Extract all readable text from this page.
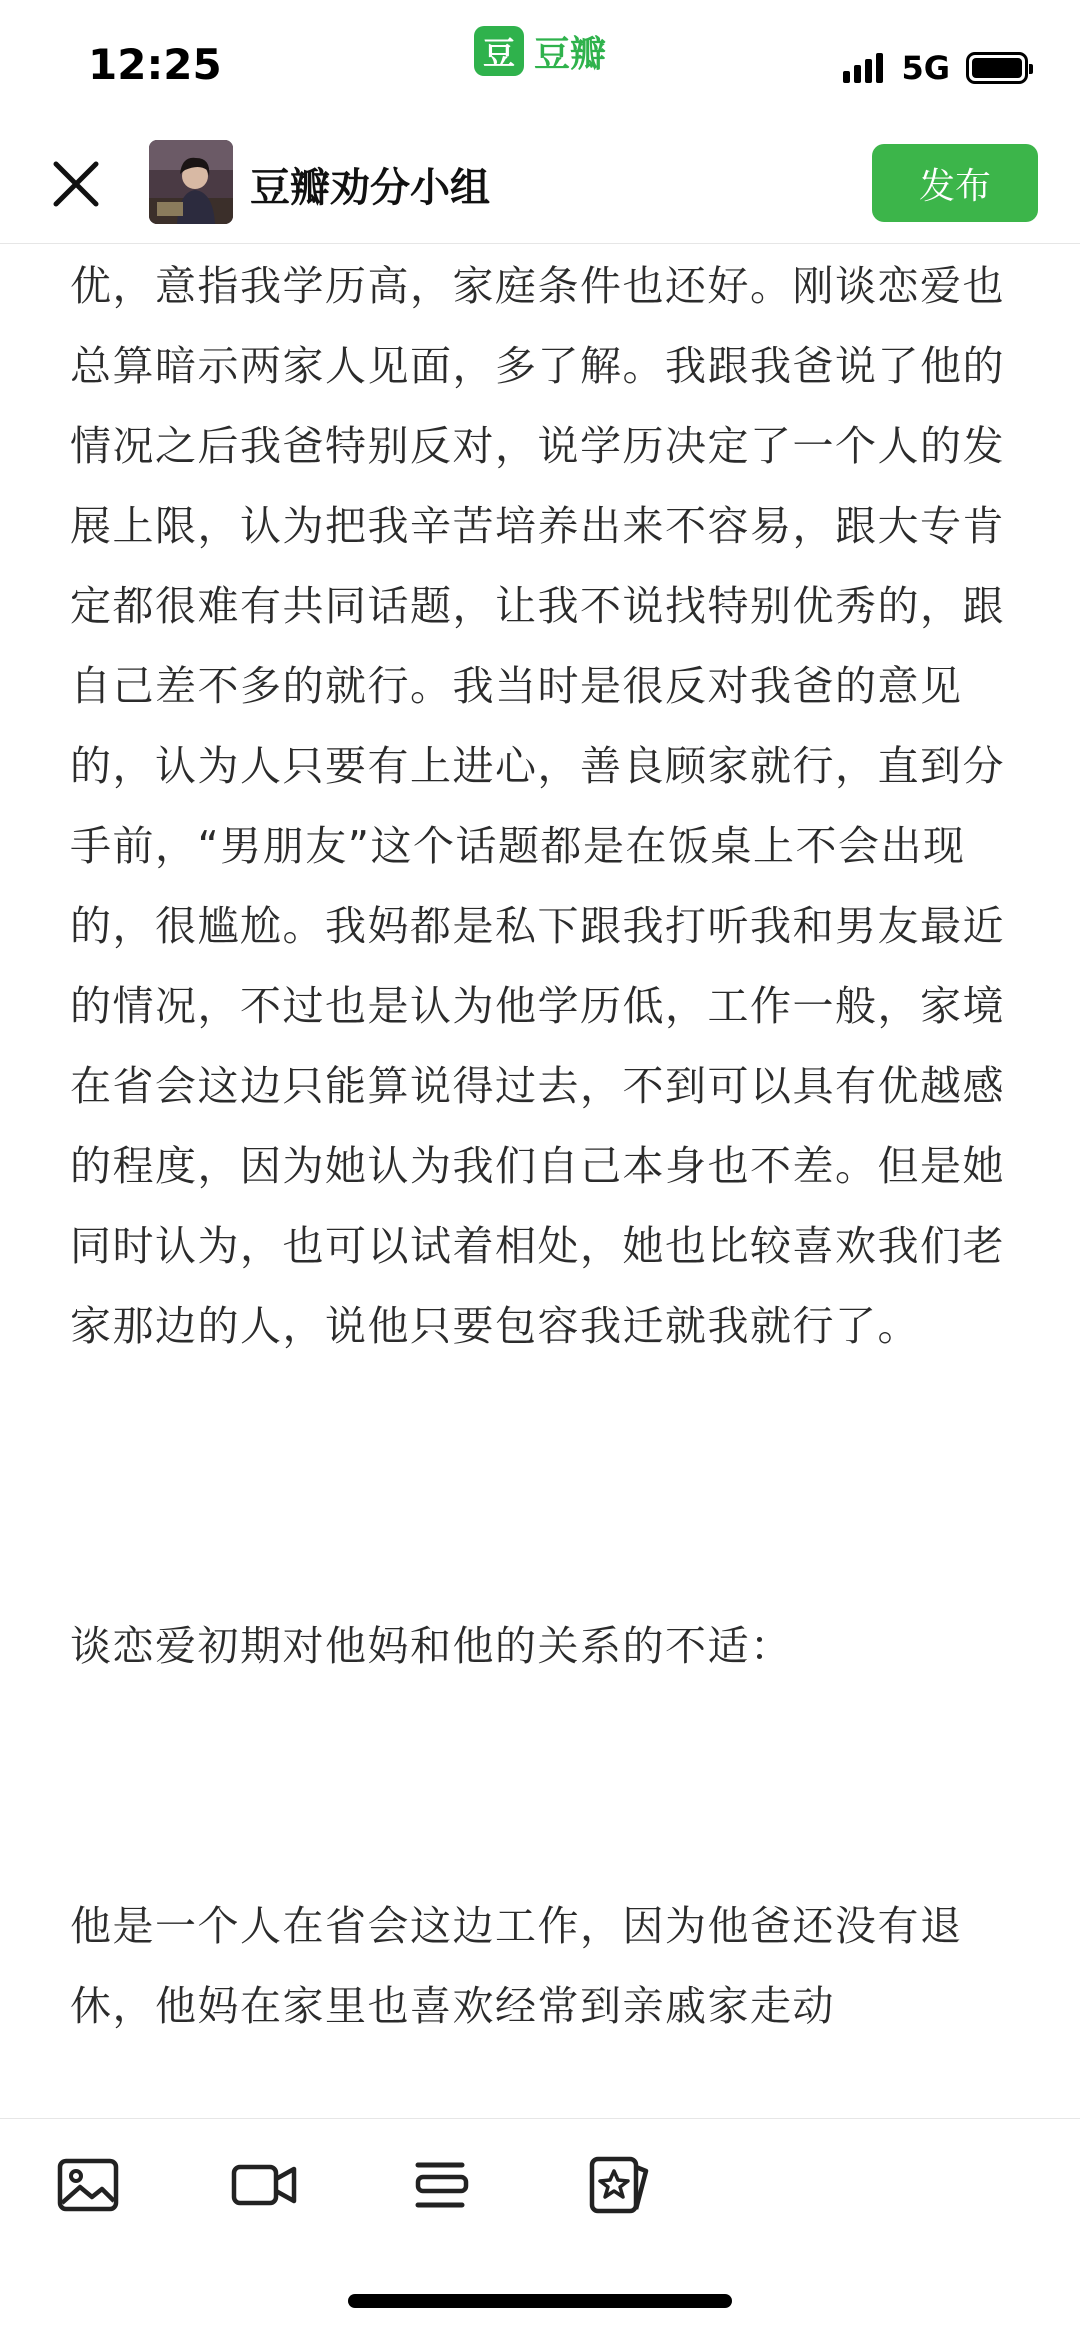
12:25	豆 豆瓣	5G
豆瓣劝分小组	发布

优，意指我学历高，家庭条件也还好。刚谈恋爱也总算暗示两家人见面，多了解。我跟我爸说了他的情况之后我爸特别反对，说学历决定了一个人的发展上限，认为把我辛苦培养出来不容易，跟大专肯定都很难有共同话题，让我不说找特别优秀的，跟自己差不多的就行。我当时是很反对我爸的意见的，认为人只要有上进心，善良顾家就行，直到分手前，“男朋友”这个话题都是在饭桌上不会出现的，很尴尬。我妈都是私下跟我打听我和男友最近的情况，不过也是认为他学历低，工作一般，家境在省会这边只能算说得过去，不到可以具有优越感的程度，因为她认为我们自己本身也不差。但是她同时认为，也可以试着相处，她也比较喜欢我们老家那边的人，说他只要包容我迁就我就行了。

谈恋爱初期对他妈和他的关系的不适：

他是一个人在省会这边工作，因为他爸还没有退休，他妈在家里也喜欢经常到亲戚家走动
